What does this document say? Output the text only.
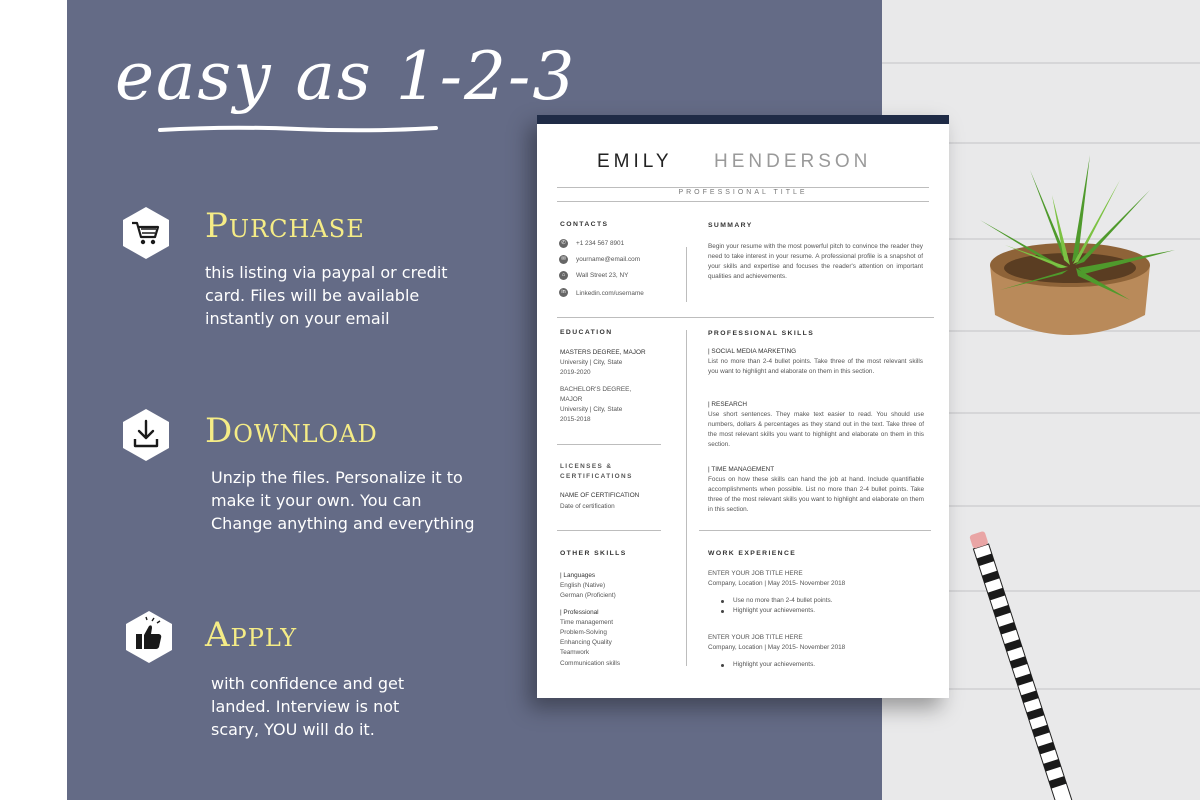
easy as 1-2-3
Purchase
this listing via paypal or credit card. Files will be available instantly on your email
Download
Unzip the files. Personalize it to make it your own. You can Change anything and everything
Apply
with confidence and get landed. Interview is not scary, YOU will do it.
EMILY HENDERSON
PROFESSIONAL TITLE
CONTACTS
✆	+1 234 567 8901
✉	yourname@email.com
⌂	Wall Street 23, NY
in	Linkedin.com/username
SUMMARY
Begin your resume with the most powerful pitch to convince the reader they need to take interest in your resume. A professional profile is a snapshot of your skills and expertise and focuses the reader's attention on important qualities and achievements.
EDUCATION
MASTERS DEGREE, MAJOR
University | City, State
2019-2020
BACHELOR'S DEGREE, MAJOR
University | City, State
2015-2018
LICENSES & CERTIFICATIONS
NAME OF CERTIFICATION
Date of certification
OTHER SKILLS
| Languages
English (Native)
German (Proficient)
| Professional
Time management
Problem-Solving
Enhancing Quality
Teamwork
Communication skills
PROFESSIONAL SKILLS
| SOCIAL MEDIA MARKETING
List no more than 2-4 bullet points. Take three of the most relevant skills you want to highlight and elaborate on them in this section.
| RESEARCH
Use short sentences. They make text easier to read. You should use numbers, dollars & percentages as they stand out in the text. Take three of the most relevant skills you want to highlight and elaborate on them in this section.
| TIME MANAGEMENT
Focus on how these skills can hand the job at hand. Include quantifiable accomplishments when possible. List no more than 2-4 bullet points. Take three of the most relevant skills you want to highlight and elaborate on them in this section.
WORK EXPERIENCE
ENTER YOUR JOB TITLE HERE
Company, Location | May 2015- November 2018
Use no more than 2-4 bullet points.
Highlight your achievements.
ENTER YOUR JOB TITLE HERE
Company, Location | May 2015- November 2018
Highlight your achievements.
